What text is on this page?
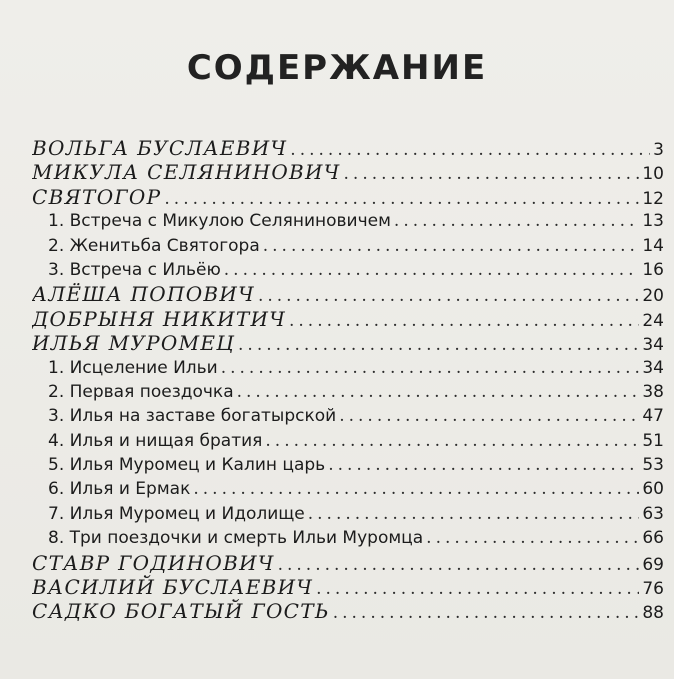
СОДЕРЖАНИЕ
ВОЛЬГА БУСЛАЕВИЧ .....	3
МИКУЛА СЕЛЯНИНОВИЧ .....	10
СВЯТОГОР .....	12
1. Встреча с Микулою Селяниновичем .....	13
2. Женитьба Святогора .....	14
3. Встреча с Ильёю .....	16
АЛЁША ПОПОВИЧ .....	20
ДОБРЫНЯ НИКИТИЧ .....	24
ИЛЬЯ МУРОМЕЦ .....	34
1. Исцеление Ильи .....	34
2. Первая поездочка .....	38
3. Илья на заставе богатырской .....	47
4. Илья и нищая братия .....	51
5. Илья Муромец и Калин царь .....	53
6. Илья и Ермак .....	60
7. Илья Муромец и Идолище .....	63
8. Три поездочки и смерть Ильи Муромца .....	66
СТАВР ГОДИНОВИЧ .....	69
ВАСИЛИЙ БУСЛАЕВИЧ .....	76
САДКО БОГАТЫЙ ГОСТЬ .....	88
